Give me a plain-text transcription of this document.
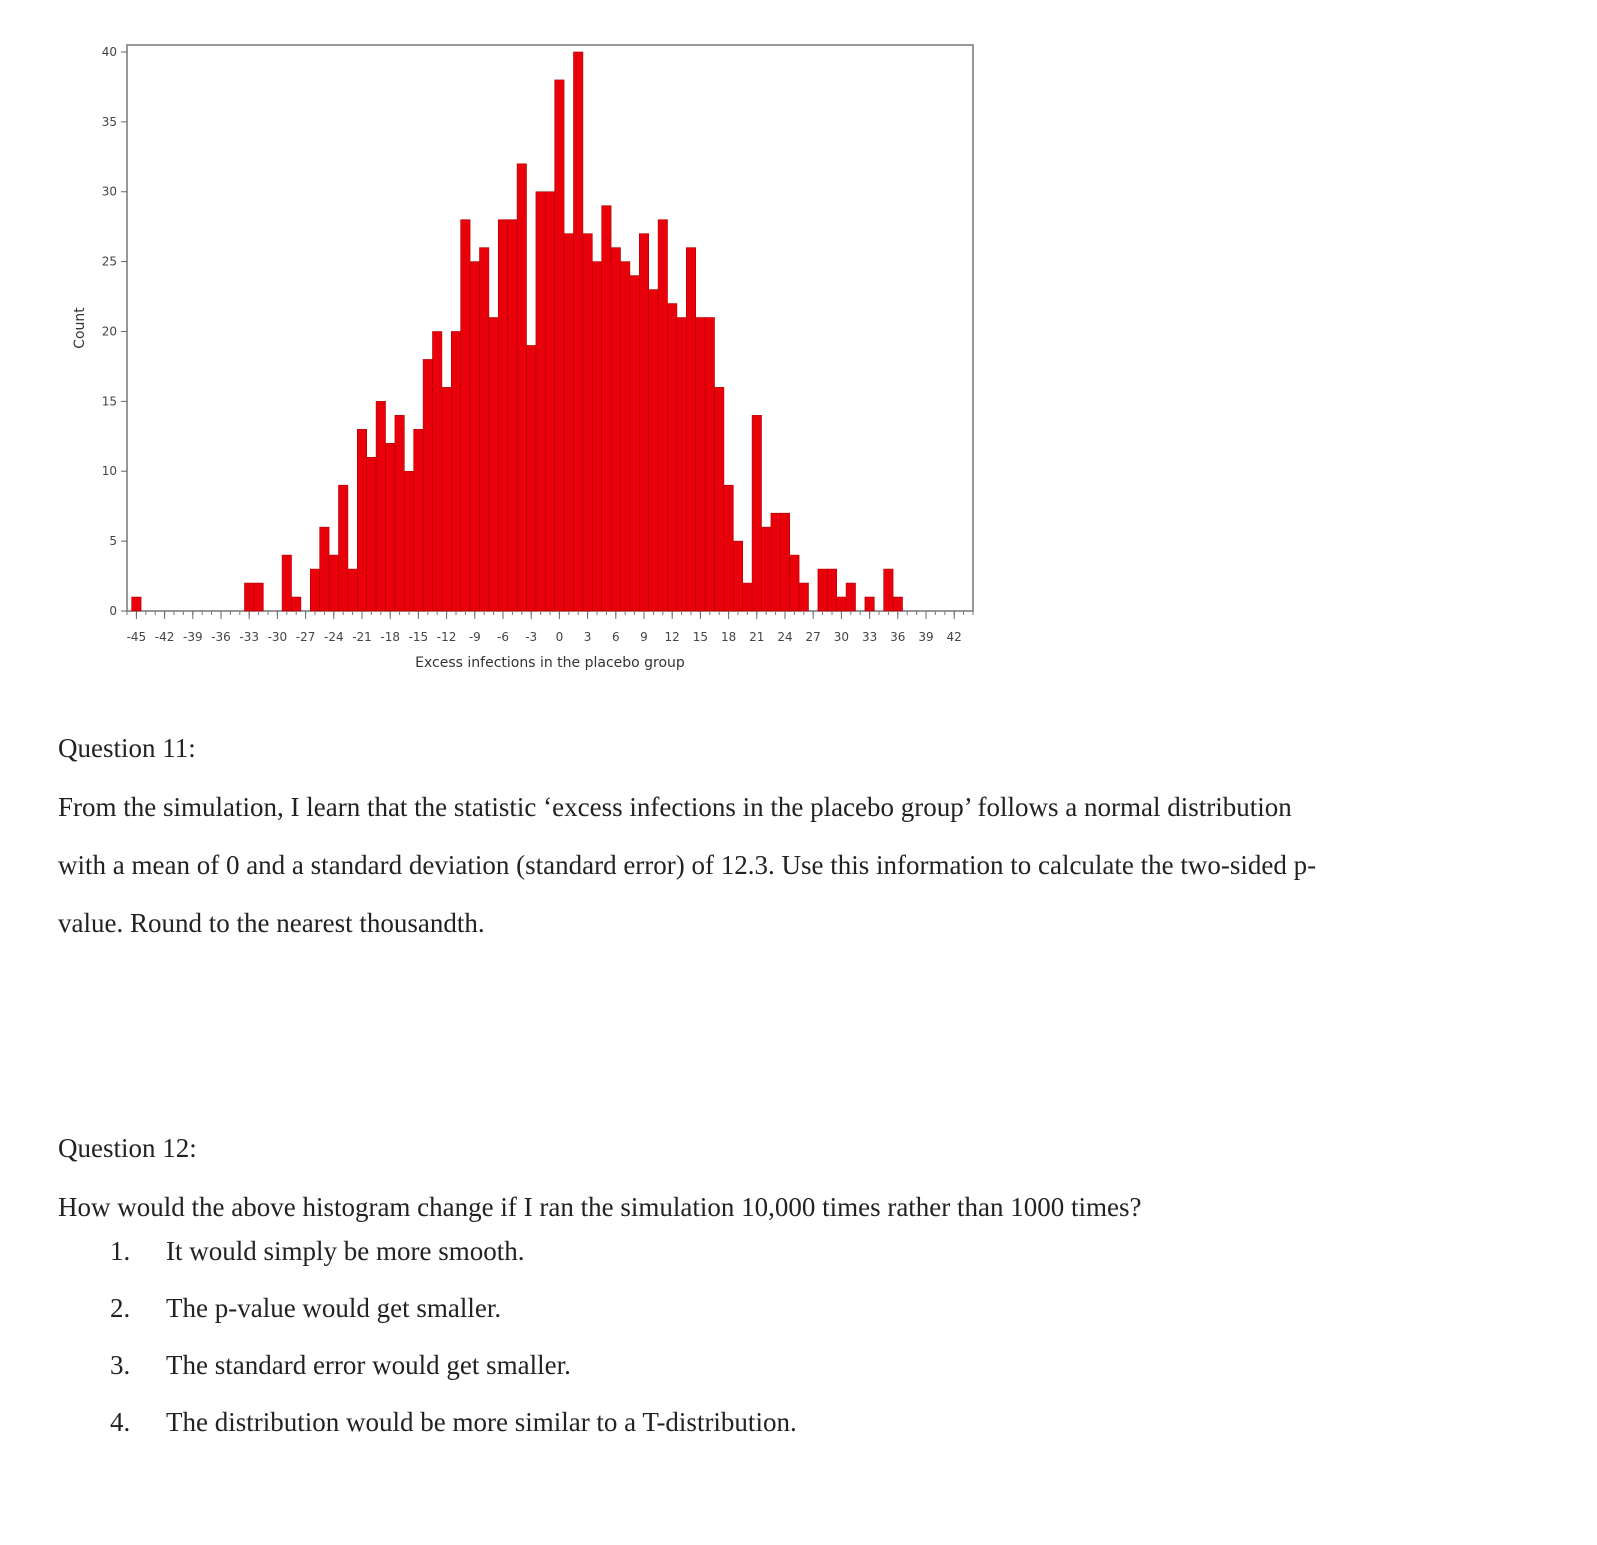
-45 -42 -39 -36 -33 -30 -27 -24 -21 -18 -15 -12 -9 -6 -3 0 3 6 9 12 15 18 21 24 27 30 33 36 39 42
0
5
10
15
20
25
30
35
40
Excess infections in the placebo group
Count
Question 11:
From the simulation, I learn that the statistic ‘excess infections in the placebo group’ follows a normal distribution
with a mean of 0 and a standard deviation (standard error) of 12.3. Use this information to calculate the two-sided p-
value. Round to the nearest thousandth.
Question 12:
How would the above histogram change if I ran the simulation 10,000 times rather than 1000 times?
1.	It would simply be more smooth.
2.	The p-value would get smaller.
3.	The standard error would get smaller.
4.	The distribution would be more similar to a T-distribution.
